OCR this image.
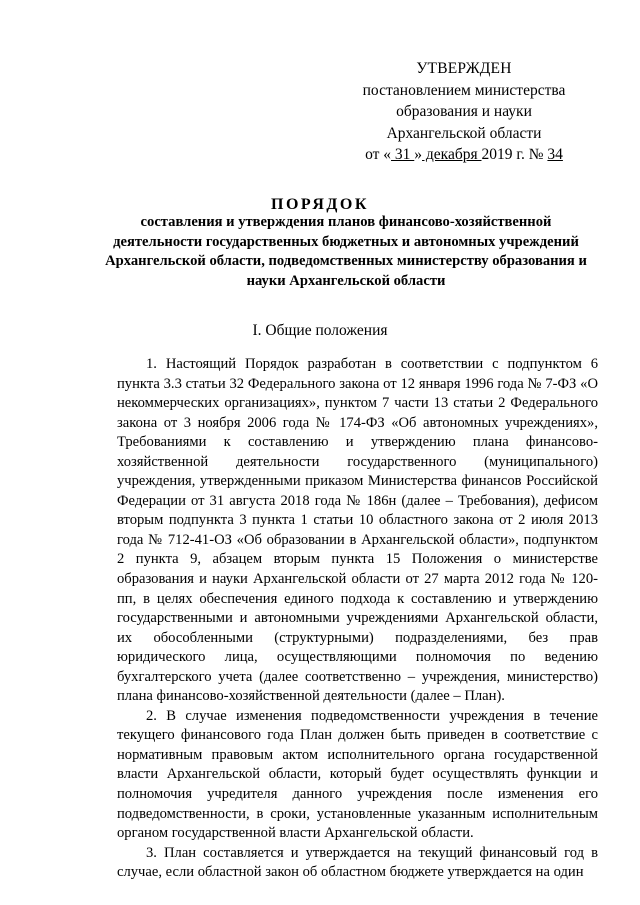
УТВЕРЖДЕН
постановлением министерства
образования и науки
Архангельской области
от « 31 » декабря 2019 г. № 34
ПОРЯДОК
составления и утверждения планов финансово-хозяйственной деятельности государственных бюджетных и автономных учреждений Архангельской области, подведомственных министерству образования и науки Архангельской области
I. Общие положения

1. Настоящий Порядок разработан в соответствии с подпунктом 6 пункта 3.3 статьи 32 Федерального закона от 12 января 1996 года № 7-ФЗ «О некоммерческих организациях», пунктом 7 части 13 статьи 2 Федерального закона от 3 ноября 2006 года № 174-ФЗ «Об автономных учреждениях», Требованиями к составлению и утверждению плана финансово-хозяйственной деятельности государственного (муниципального) учреждения, утвержденными приказом Министерства финансов Российской Федерации от 31 августа 2018 года № 186н (далее – Требования), дефисом вторым подпункта 3 пункта 1 статьи 10 областного закона от 2 июля 2013 года № 712-41-ОЗ «Об образовании в Архангельской области», подпунктом 2 пункта 9, абзацем вторым пункта 15 Положения о министерстве образования и науки Архангельской области от 27 марта 2012 года № 120-пп, в целях обеспечения единого подхода к составлению и утверждению государственными и автономными учреждениями Архангельской области, их обособленными (структурными) подразделениями, без прав юридического лица, осуществляющими полномочия по ведению бухгалтерского учета (далее соответственно – учреждения, министерство) плана финансово-хозяйственной деятельности (далее – План).

2. В случае изменения подведомственности учреждения в течение текущего финансового года План должен быть приведен в соответствие с нормативным правовым актом исполнительного органа государственной власти Архангельской области, который будет осуществлять функции и полномочия учредителя данного учреждения после изменения его подведомственности, в сроки, установленные указанным исполнительным органом государственной власти Архангельской области.

3. План составляется и утверждается на текущий финансовый год в случае, если областной закон об областном бюджете утверждается на один
